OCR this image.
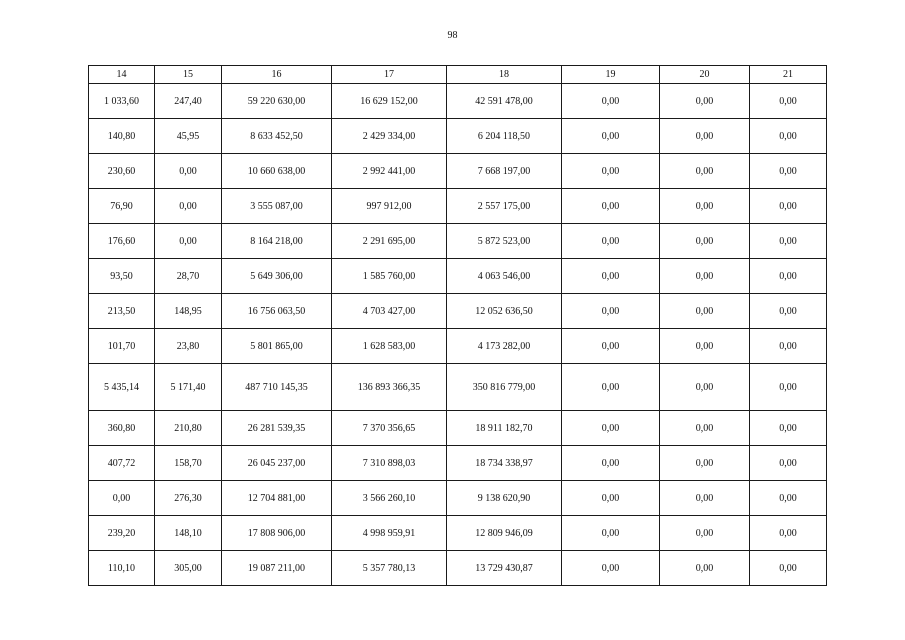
98
14	15	16	17	18	19	20	21
1 033,60	247,40	59 220 630,00	16 629 152,00	42 591 478,00	0,00	0,00	0,00
140,80	45,95	8 633 452,50	2 429 334,00	6 204 118,50	0,00	0,00	0,00
230,60	0,00	10 660 638,00	2 992 441,00	7 668 197,00	0,00	0,00	0,00
76,90	0,00	3 555 087,00	997 912,00	2 557 175,00	0,00	0,00	0,00
176,60	0,00	8 164 218,00	2 291 695,00	5 872 523,00	0,00	0,00	0,00
93,50	28,70	5 649 306,00	1 585 760,00	4 063 546,00	0,00	0,00	0,00
213,50	148,95	16 756 063,50	4 703 427,00	12 052 636,50	0,00	0,00	0,00
101,70	23,80	5 801 865,00	1 628 583,00	4 173 282,00	0,00	0,00	0,00
5 435,14	5 171,40	487 710 145,35	136 893 366,35	350 816 779,00	0,00	0,00	0,00
360,80	210,80	26 281 539,35	7 370 356,65	18 911 182,70	0,00	0,00	0,00
407,72	158,70	26 045 237,00	7 310 898,03	18 734 338,97	0,00	0,00	0,00
0,00	276,30	12 704 881,00	3 566 260,10	9 138 620,90	0,00	0,00	0,00
239,20	148,10	17 808 906,00	4 998 959,91	12 809 946,09	0,00	0,00	0,00
110,10	305,00	19 087 211,00	5 357 780,13	13 729 430,87	0,00	0,00	0,00
